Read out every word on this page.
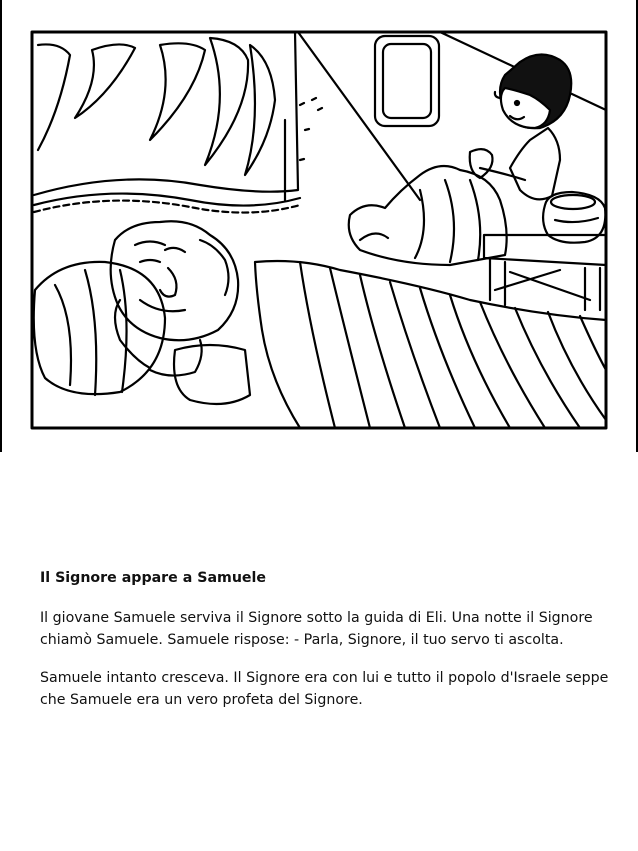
Il Signore appare a Samuele

Il giovane Samuele serviva il Signore sotto la guida di Eli. Una notte il Signore chiamò Samuele. Samuele rispose: - Parla, Signore, il tuo servo ti ascolta.

Samuele intanto cresceva. Il Signore era con lui e tutto il popolo d'Israele seppe che Samuele era un vero profeta del Signore.
